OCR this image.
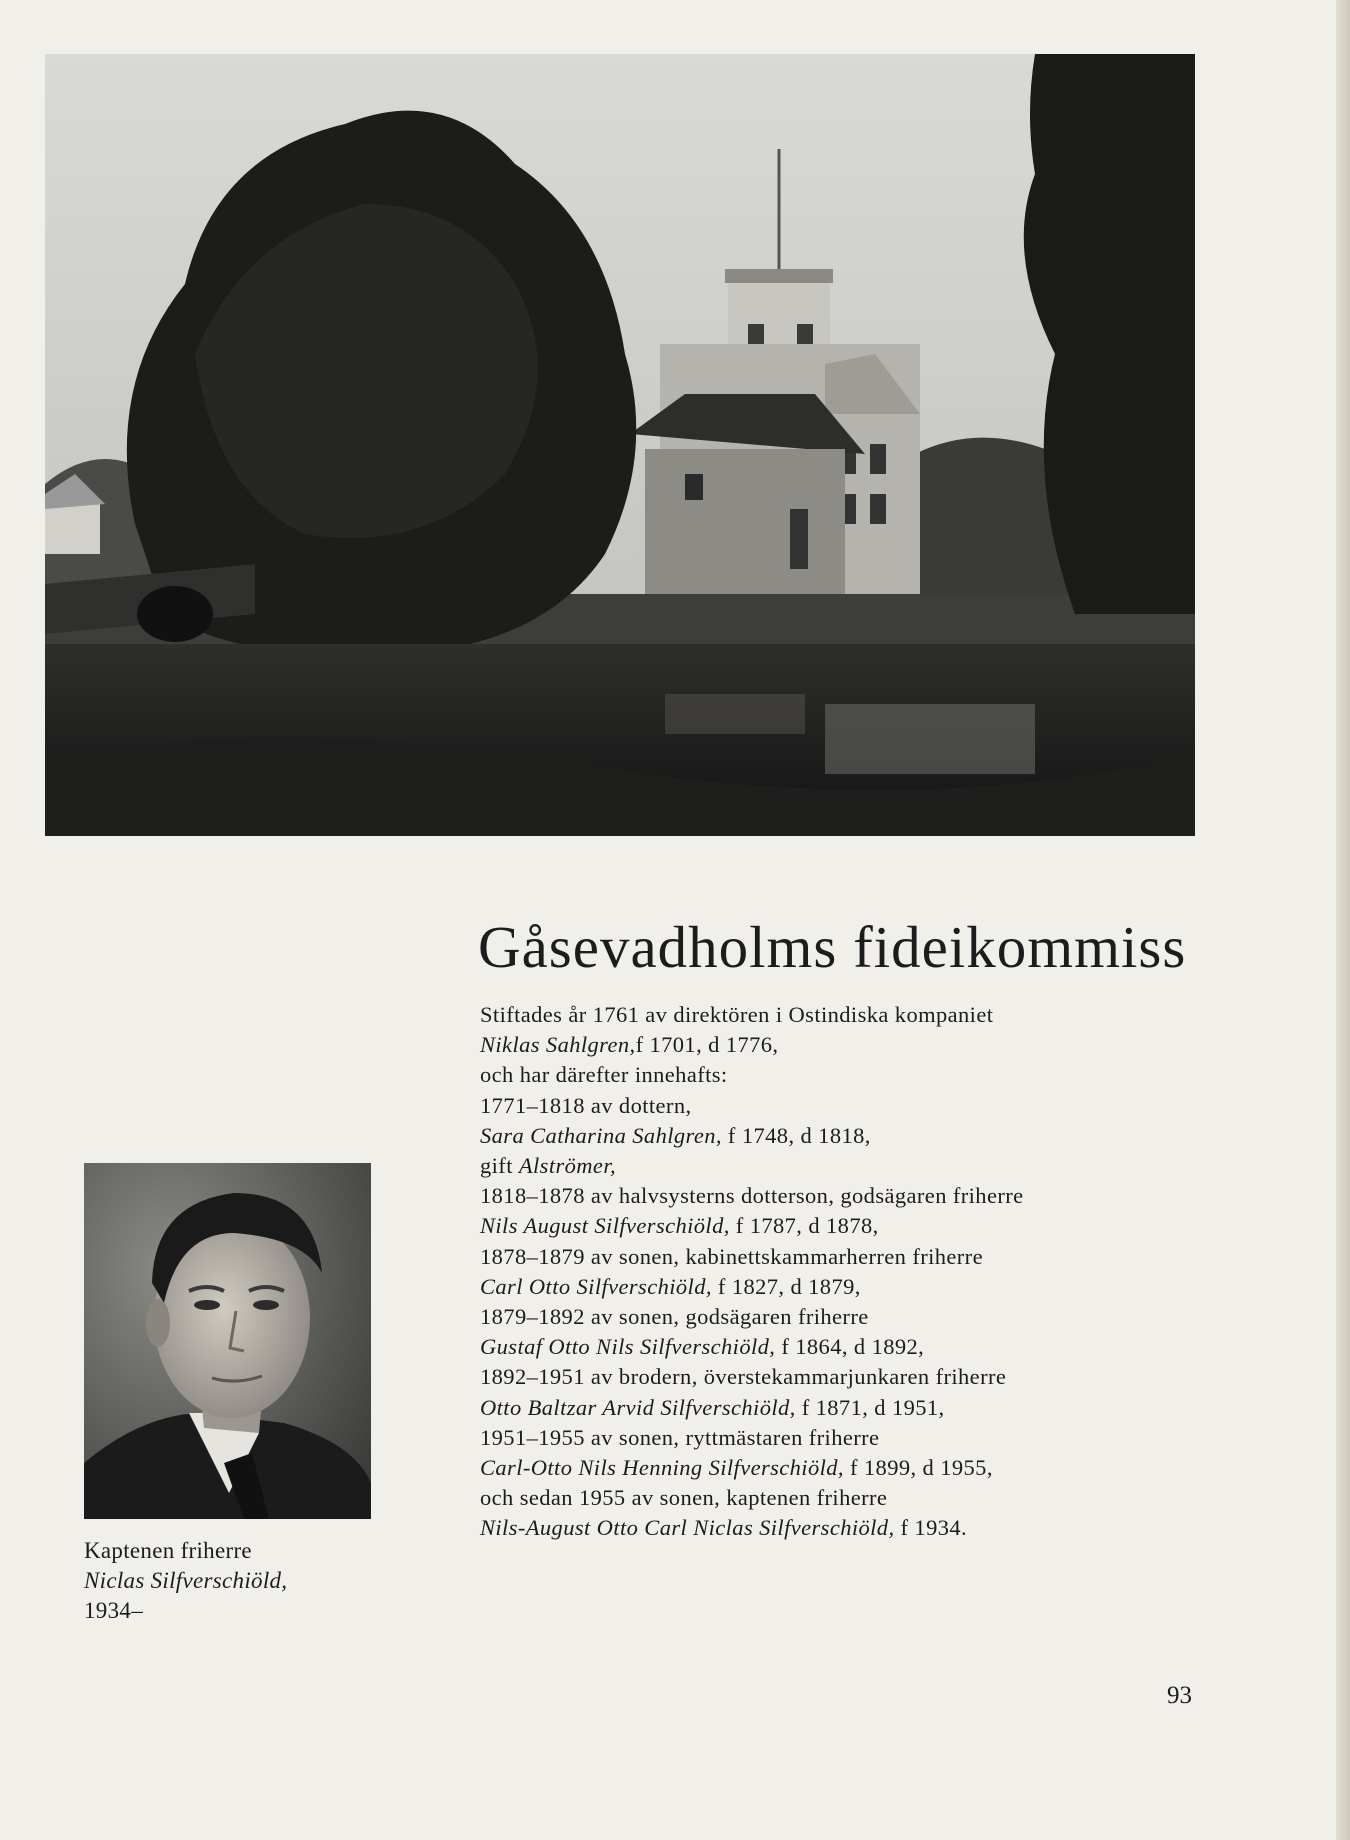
Gåsevadholms fideikommiss
Stiftades år 1761 av direktören i Ostindiska kompaniet
Niklas Sahlgren,f 1701, d 1776,
och har därefter innehafts:
1771–1818 av dottern,
Sara Catharina Sahlgren, f 1748, d 1818,
gift Alströmer,
1818–1878 av halvsysterns dotterson, godsägaren friherre
Nils August Silfverschiöld, f 1787, d 1878,
1878–1879 av sonen, kabinettskammarherren friherre
Carl Otto Silfverschiöld, f 1827, d 1879,
1879–1892 av sonen, godsägaren friherre
Gustaf Otto Nils Silfverschiöld, f 1864, d 1892,
1892–1951 av brodern, överstekammarjunkaren friherre
Otto Baltzar Arvid Silfverschiöld, f 1871, d 1951,
1951–1955 av sonen, ryttmästaren friherre
Carl-Otto Nils Henning Silfverschiöld, f 1899, d 1955,
och sedan 1955 av sonen, kaptenen friherre
Nils-August Otto Carl Niclas Silfverschiöld, f 1934.
Kaptenen friherre
Niclas Silfverschiöld,
1934–
93
